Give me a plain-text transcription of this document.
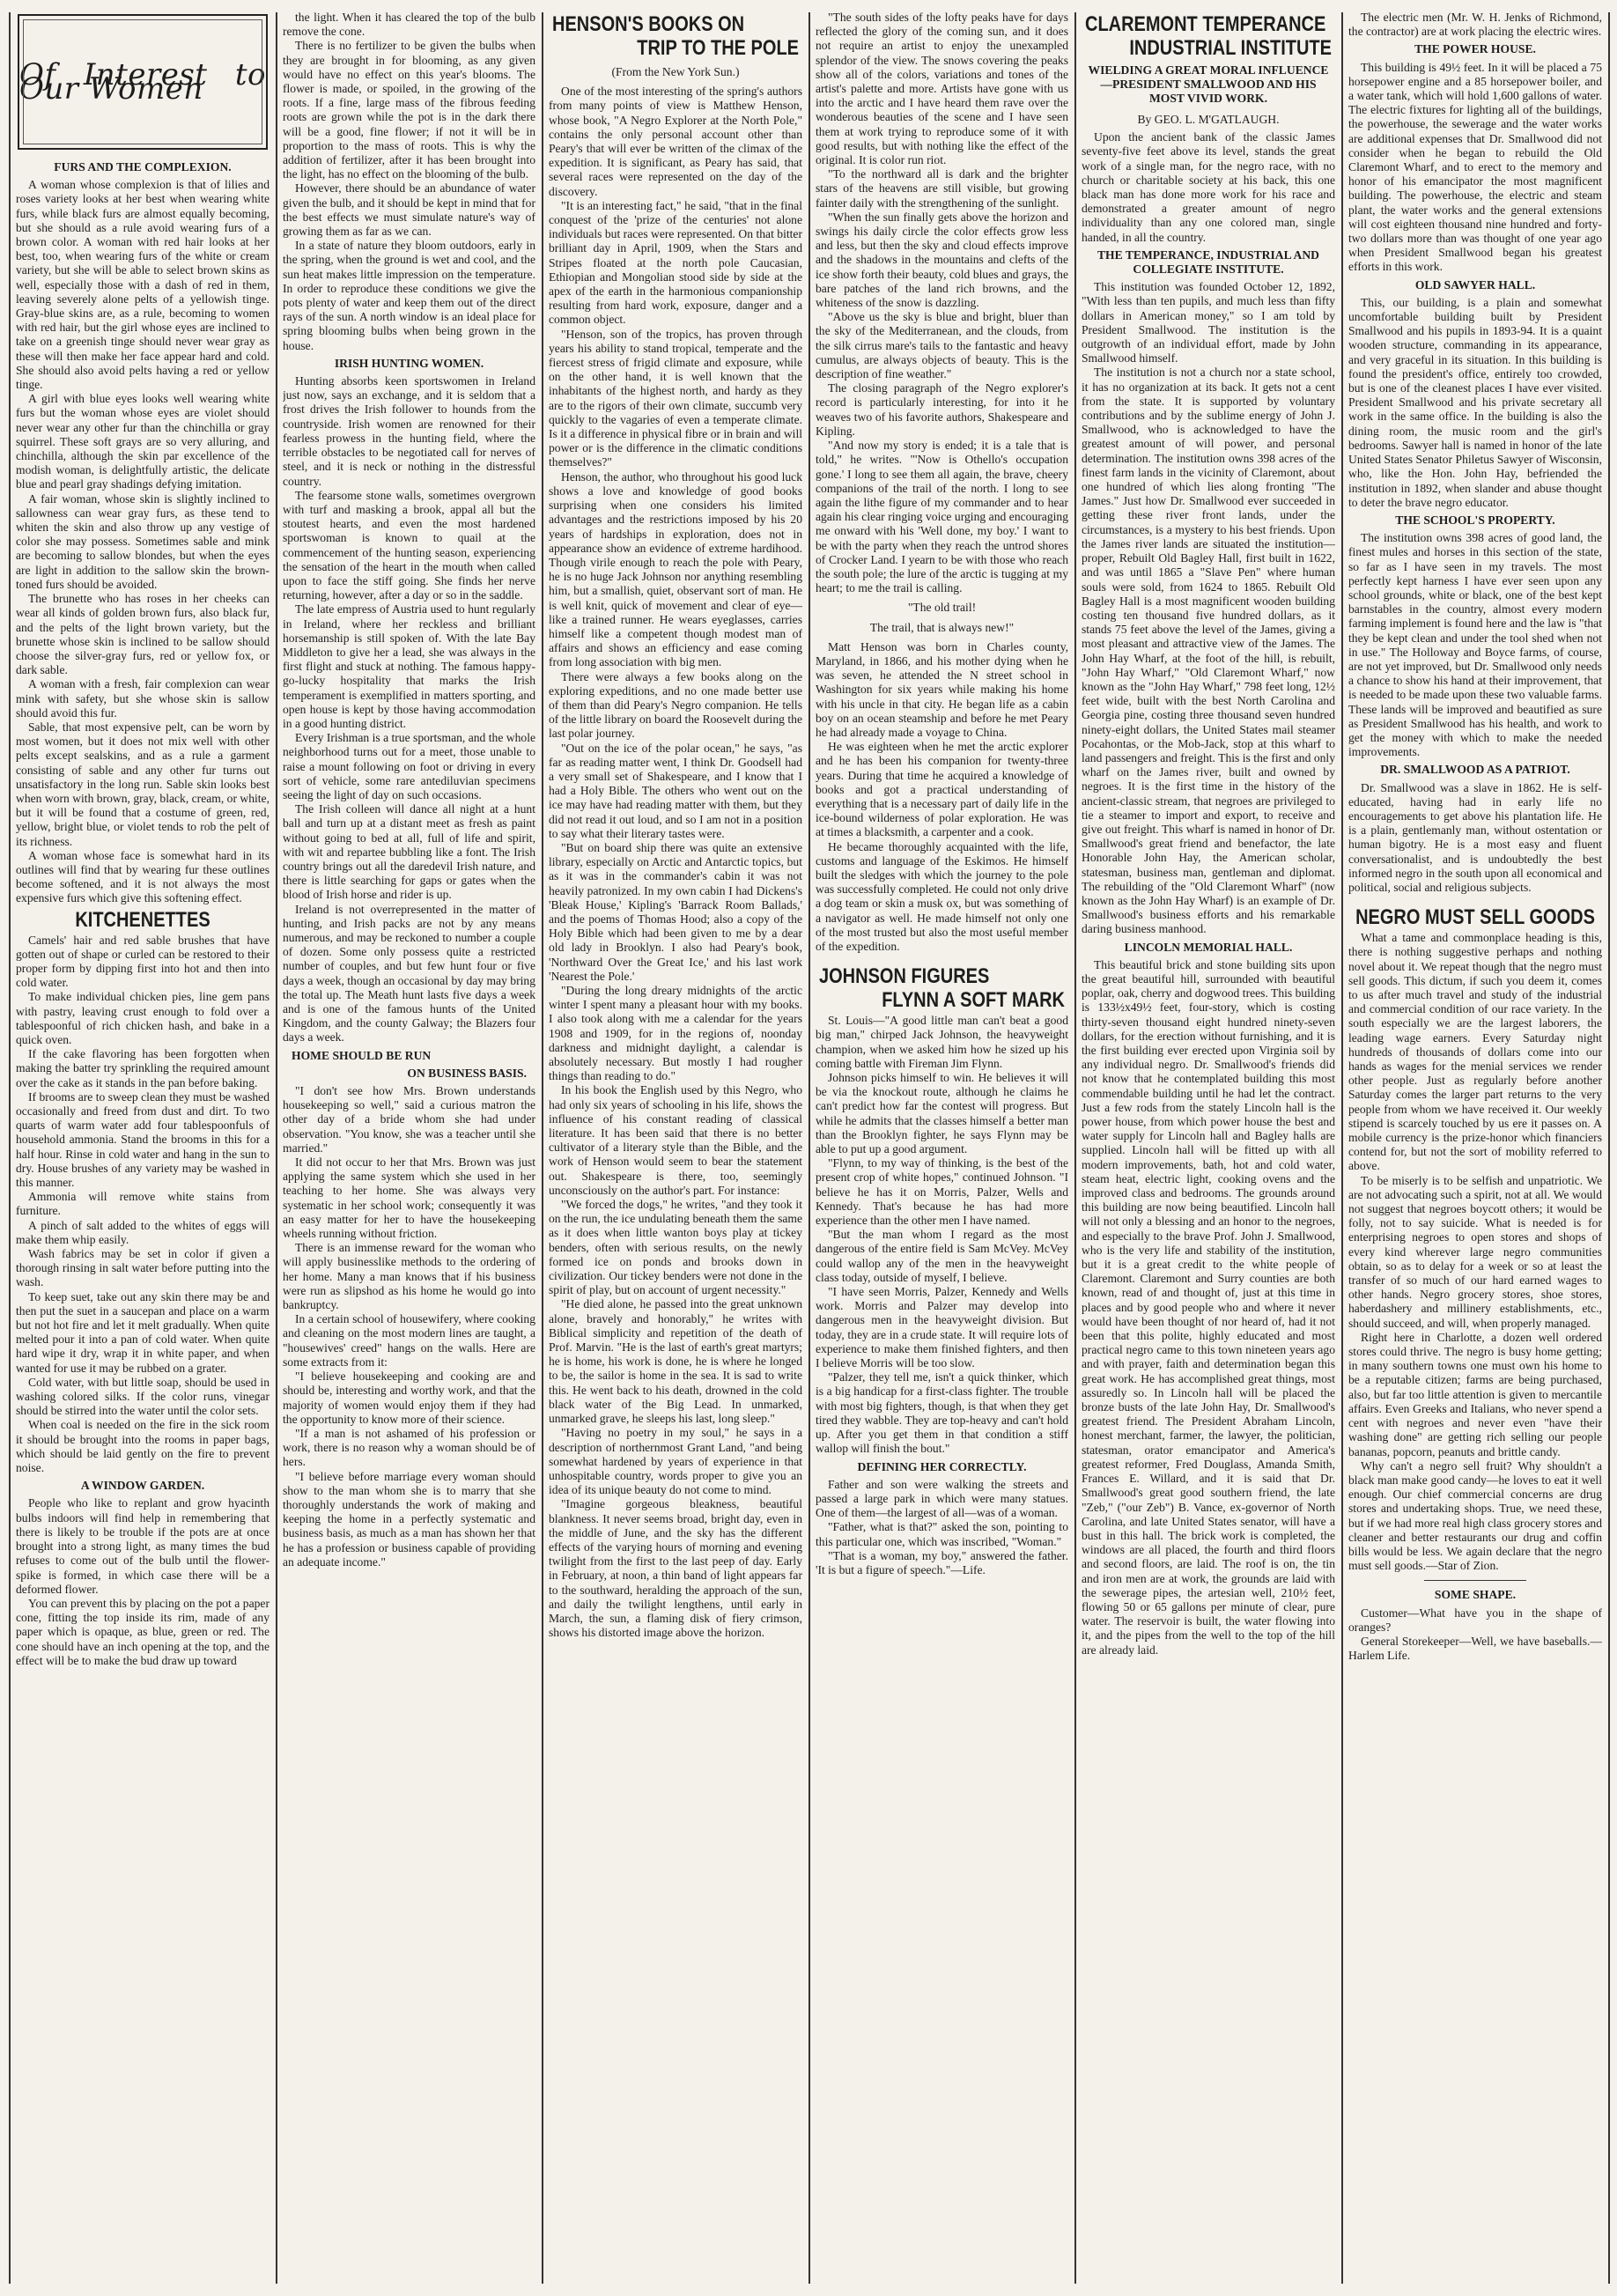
Of Interest to Our Women
FURS AND THE COMPLEXION.

A woman whose complexion is that of lilies and roses variety looks at her best when wearing white furs, while black furs are almost equally becoming, but she should as a rule avoid wearing furs of a brown color. A woman with red hair looks at her best, too, when wearing furs of the white or cream variety, but she will be able to select brown skins as well, especially those with a dash of red in them, leaving severely alone pelts of a yellowish tinge. Gray-blue skins are, as a rule, becoming to women with red hair, but the girl whose eyes are inclined to take on a greenish tinge should never wear gray as these will then make her face appear hard and cold. She should also avoid pelts having a red or yellow tinge.

A girl with blue eyes looks well wearing white furs but the woman whose eyes are violet should never wear any other fur than the chinchilla or gray squirrel. These soft grays are so very alluring, and chinchilla, although the skin par excellence of the modish woman, is delightfully artistic, the delicate blue and pearl gray shadings defying imitation.

A fair woman, whose skin is slightly inclined to sallowness can wear gray furs, as these tend to whiten the skin and also throw up any vestige of color she may possess. Sometimes sable and mink are becoming to sallow blondes, but when the eyes are light in addition to the sallow skin the brown-toned furs should be avoided.

The brunette who has roses in her cheeks can wear all kinds of golden brown furs, also black fur, and the pelts of the light brown variety, but the brunette whose skin is inclined to be sallow should choose the silver-gray furs, red or yellow fox, or dark sable.

A woman with a fresh, fair complexion can wear mink with safety, but she whose skin is sallow should avoid this fur.

Sable, that most expensive pelt, can be worn by most women, but it does not mix well with other pelts except sealskins, and as a rule a garment consisting of sable and any other fur turns out unsatisfactory in the long run. Sable skin looks best when worn with brown, gray, black, cream, or white, but it will be found that a costume of green, red, yellow, bright blue, or violet tends to rob the pelt of its richness.

A woman whose face is somewhat hard in its outlines will find that by wearing fur these outlines become softened, and it is not always the most expensive furs which give this softening effect.

KITCHENETTES

Camels' hair and red sable brushes that have gotten out of shape or curled can be restored to their proper form by dipping first into hot and then into cold water.

To make individual chicken pies, line gem pans with pastry, leaving crust enough to fold over a tablespoonful of rich chicken hash, and bake in a quick oven.

If the cake flavoring has been forgotten when making the batter try sprinkling the required amount over the cake as it stands in the pan before baking.

If brooms are to sweep clean they must be washed occasionally and freed from dust and dirt. To two quarts of warm water add four tablespoonfuls of household ammonia. Stand the brooms in this for a half hour. Rinse in cold water and hang in the sun to dry. House brushes of any variety may be washed in this manner.

Ammonia will remove white stains from furniture.

A pinch of salt added to the whites of eggs will make them whip easily.

Wash fabrics may be set in color if given a thorough rinsing in salt water before putting into the wash.

To keep suet, take out any skin there may be and then put the suet in a saucepan and place on a warm but not hot fire and let it melt gradually. When quite melted pour it into a pan of cold water. When quite hard wipe it dry, wrap it in white paper, and when wanted for use it may be rubbed on a grater.

Cold water, with but little soap, should be used in washing colored silks. If the color runs, vinegar should be stirred into the water until the color sets.

When coal is needed on the fire in the sick room it should be brought into the rooms in paper bags, which should be laid gently on the fire to prevent noise.

A WINDOW GARDEN.

People who like to replant and grow hyacinth bulbs indoors will find help in remembering that there is likely to be trouble if the pots are at once brought into a strong light, as many times the bud refuses to come out of the bulb until the flower-spike is formed, in which case there will be a deformed flower.

You can prevent this by placing on the pot a paper cone, fitting the top inside its rim, made of any paper which is opaque, as blue, green or red. The cone should have an inch opening at the top, and the effect will be to make the bud draw up toward

the light. When it has cleared the top of the bulb remove the cone.

There is no fertilizer to be given the bulbs when they are brought in for blooming, as any given would have no effect on this year's blooms. The flower is made, or spoiled, in the growing of the roots. If a fine, large mass of the fibrous feeding roots are grown while the pot is in the dark there will be a good, fine flower; if not it will be in proportion to the mass of roots. This is why the addition of fertilizer, after it has been brought into the light, has no effect on the blooming of the bulb.

However, there should be an abundance of water given the bulb, and it should be kept in mind that for the best effects we must simulate nature's way of growing them as far as we can.

In a state of nature they bloom outdoors, early in the spring, when the ground is wet and cool, and the sun heat makes little impression on the temperature. In order to reproduce these conditions we give the pots plenty of water and keep them out of the direct rays of the sun. A north window is an ideal place for spring blooming bulbs when being grown in the house.

IRISH HUNTING WOMEN.

Hunting absorbs keen sportswomen in Ireland just now, says an exchange, and it is seldom that a frost drives the Irish follower to hounds from the countryside. Irish women are renowned for their fearless prowess in the hunting field, where the terrible obstacles to be negotiated call for nerves of steel, and it is neck or nothing in the distressful country.

The fearsome stone walls, sometimes overgrown with turf and masking a brook, appal all but the stoutest hearts, and even the most hardened sportswoman is known to quail at the commencement of the hunting season, experiencing the sensation of the heart in the mouth when called upon to face the stiff going. She finds her nerve returning, however, after a day or so in the saddle.

The late empress of Austria used to hunt regularly in Ireland, where her reckless and brilliant horsemanship is still spoken of. With the late Bay Middleton to give her a lead, she was always in the first flight and stuck at nothing. The famous happy-go-lucky hospitality that marks the Irish temperament is exemplified in matters sporting, and open house is kept by those having accommodation in a good hunting district.

Every Irishman is a true sportsman, and the whole neighborhood turns out for a meet, those unable to raise a mount following on foot or driving in every sort of vehicle, some rare antediluvian specimens seeing the light of day on such occasions.

The Irish colleen will dance all night at a hunt ball and turn up at a distant meet as fresh as paint without going to bed at all, full of life and spirit, with wit and repartee bubbling like a font. The Irish country brings out all the daredevil Irish nature, and there is little searching for gaps or gates when the blood of Irish horse and rider is up.

Ireland is not overrepresented in the matter of hunting, and Irish packs are not by any means numerous, and may be reckoned to number a couple of dozen. Some only possess quite a restricted number of couples, and but few hunt four or five days a week, though an occasional by day may bring the total up. The Meath hunt lasts five days a week and is one of the famous hunts of the United Kingdom, and the county Galway; the Blazers four days a week.

HOME SHOULD BE RUN
ON BUSINESS BASIS.

"I don't see how Mrs. Brown understands housekeeping so well," said a curious matron the other day of a bride whom she had under observation. "You know, she was a teacher until she married."

It did not occur to her that Mrs. Brown was just applying the same system which she used in her teaching to her home. She was always very systematic in her school work; consequently it was an easy matter for her to have the housekeeping wheels running without friction.

There is an immense reward for the woman who will apply businesslike methods to the ordering of her home. Many a man knows that if his business were run as slipshod as his home he would go into bankruptcy.

In a certain school of housewifery, where cooking and cleaning on the most modern lines are taught, a "housewives' creed" hangs on the walls. Here are some extracts from it:

"I believe housekeeping and cooking are and should be, interesting and worthy work, and that the majority of women would enjoy them if they had the opportunity to know more of their science.

"If a man is not ashamed of his profession or work, there is no reason why a woman should be of hers.

"I believe before marriage every woman should show to the man whom she is to marry that she thoroughly understands the work of making and keeping the home in a perfectly systematic and business basis, as much as a man has shown her that he has a profession or business capable of providing an adequate income."

HENSON'S BOOKS ON
TRIP TO THE POLE
(From the New York Sun.)

One of the most interesting of the spring's authors from many points of view is Matthew Henson, whose book, "A Negro Explorer at the North Pole," contains the only personal account other than Peary's that will ever be written of the climax of the expedition. It is significant, as Peary has said, that several races were represented on the day of the discovery.

"It is an interesting fact," he said, "that in the final conquest of the 'prize of the centuries' not alone individuals but races were represented. On that bitter brilliant day in April, 1909, when the Stars and Stripes floated at the north pole Caucasian, Ethiopian and Mongolian stood side by side at the apex of the earth in the harmonious companionship resulting from hard work, exposure, danger and a common object.

"Henson, son of the tropics, has proven through years his ability to stand tropical, temperate and the fiercest stress of frigid climate and exposure, while on the other hand, it is well known that the inhabitants of the highest north, and hardy as they are to the rigors of their own climate, succumb very quickly to the vagaries of even a temperate climate. Is it a difference in physical fibre or in brain and will power or is the difference in the climatic conditions themselves?"

Henson, the author, who throughout his good luck shows a love and knowledge of good books surprising when one considers his limited advantages and the restrictions imposed by his 20 years of hardships in exploration, does not in appearance show an evidence of extreme hardihood. Though virile enough to reach the pole with Peary, he is no huge Jack Johnson nor anything resembling him, but a smallish, quiet, observant sort of man. He is well knit, quick of movement and clear of eye—like a trained runner. He wears eyeglasses, carries himself like a competent though modest man of affairs and shows an efficiency and ease coming from long association with big men.

There were always a few books along on the exploring expeditions, and no one made better use of them than did Peary's Negro companion. He tells of the little library on board the Roosevelt during the last polar journey.

"Out on the ice of the polar ocean," he says, "as far as reading matter went, I think Dr. Goodsell had a very small set of Shakespeare, and I know that I had a Holy Bible. The others who went out on the ice may have had reading matter with them, but they did not read it out loud, and so I am not in a position to say what their literary tastes were.

"But on board ship there was quite an extensive library, especially on Arctic and Antarctic topics, but as it was in the commander's cabin it was not heavily patronized. In my own cabin I had Dickens's 'Bleak House,' Kipling's 'Barrack Room Ballads,' and the poems of Thomas Hood; also a copy of the Holy Bible which had been given to me by a dear old lady in Brooklyn. I also had Peary's book, 'Northward Over the Great Ice,' and his last work 'Nearest the Pole.'

"During the long dreary midnights of the arctic winter I spent many a pleasant hour with my books. I also took along with me a calendar for the years 1908 and 1909, for in the regions of, noonday darkness and midnight daylight, a calendar is absolutely necessary. But mostly I had rougher things than reading to do."

In his book the English used by this Negro, who had only six years of schooling in his life, shows the influence of his constant reading of classical literature. It has been said that there is no better cultivator of a literary style than the Bible, and the work of Henson would seem to bear the statement out. Shakespeare is there, too, seemingly unconsciously on the author's part. For instance:

"We forced the dogs," he writes, "and they took it on the run, the ice undulating beneath them the same as it does when little wanton boys play at tickey benders, often with serious results, on the newly formed ice on ponds and brooks down in civilization. Our tickey benders were not done in the spirit of play, but on account of urgent necessity."

"He died alone, he passed into the great unknown alone, bravely and honorably," he writes with Biblical simplicity and repetition of the death of Prof. Marvin. "He is the last of earth's great martyrs; he is home, his work is done, he is where he longed to be, the sailor is home in the sea. It is sad to write this. He went back to his death, drowned in the cold black water of the Big Lead. In unmarked, unmarked grave, he sleeps his last, long sleep."

"Having no poetry in my soul," he says in a description of northernmost Grant Land, "and being somewhat hardened by years of experience in that unhospitable country, words proper to give you an idea of its unique beauty do not come to mind.

"Imagine gorgeous bleakness, beautiful blankness. It never seems broad, bright day, even in the middle of June, and the sky has the different effects of the varying hours of morning and evening twilight from the first to the last peep of day. Early in February, at noon, a thin band of light appears far to the southward, heralding the approach of the sun, and daily the twilight lengthens, until early in March, the sun, a flaming disk of fiery crimson, shows his distorted image above the horizon.

"The south sides of the lofty peaks have for days reflected the glory of the coming sun, and it does not require an artist to enjoy the unexampled splendor of the view. The snows covering the peaks show all of the colors, variations and tones of the artist's palette and more. Artists have gone with us into the arctic and I have heard them rave over the wonderous beauties of the scene and I have seen them at work trying to reproduce some of it with good results, but with nothing like the effect of the original. It is color run riot.

"To the northward all is dark and the brighter stars of the heavens are still visible, but growing fainter daily with the strengthening of the sunlight.

"When the sun finally gets above the horizon and swings his daily circle the color effects grow less and less, but then the sky and cloud effects improve and the shadows in the mountains and clefts of the ice show forth their beauty, cold blues and grays, the bare patches of the land rich browns, and the whiteness of the snow is dazzling.

"Above us the sky is blue and bright, bluer than the sky of the Mediterranean, and the clouds, from the silk cirrus mare's tails to the fantastic and heavy cumulus, are always objects of beauty. This is the description of fine weather."

The closing paragraph of the Negro explorer's record is particularly interesting, for into it he weaves two of his favorite authors, Shakespeare and Kipling.

"And now my story is ended; it is a tale that is told," he writes. "'Now is Othello's occupation gone.' I long to see them all again, the brave, cheery companions of the trail of the north. I long to see again the lithe figure of my commander and to hear again his clear ringing voice urging and encouraging me onward with his 'Well done, my boy.' I want to be with the party when they reach the untrod shores of Crocker Land. I yearn to be with those who reach the south pole; the lure of the arctic is tugging at my heart; to me the trail is calling.

"The old trail!
The trail, that is always new!"

Matt Henson was born in Charles county, Maryland, in 1866, and his mother dying when he was seven, he attended the N street school in Washington for six years while making his home with his uncle in that city. He began life as a cabin boy on an ocean steamship and before he met Peary he had already made a voyage to China.

He was eighteen when he met the arctic explorer and he has been his companion for twenty-three years. During that time he acquired a knowledge of books and got a practical understanding of everything that is a necessary part of daily life in the ice-bound wilderness of polar exploration. He was at times a blacksmith, a carpenter and a cook.

He became thoroughly acquainted with the life, customs and language of the Eskimos. He himself built the sledges with which the journey to the pole was successfully completed. He could not only drive a dog team or skin a musk ox, but was something of a navigator as well. He made himself not only one of the most trusted but also the most useful member of the expedition.

JOHNSON FIGURES
FLYNN A SOFT MARK

St. Louis—"A good little man can't beat a good big man," chirped Jack Johnson, the heavyweight champion, when we asked him how he sized up his coming battle with Fireman Jim Flynn.

Johnson picks himself to win. He believes it will be via the knockout route, although he claims he can't predict how far the contest will progress. But while he admits that the classes himself a better man than the Brooklyn fighter, he says Flynn may be able to put up a good argument.

"Flynn, to my way of thinking, is the best of the present crop of white hopes," continued Johnson. "I believe he has it on Morris, Palzer, Wells and Kennedy. That's because he has had more experience than the other men I have named.

"But the man whom I regard as the most dangerous of the entire field is Sam McVey. McVey could wallop any of the men in the heavyweight class today, outside of myself, I believe.

"I have seen Morris, Palzer, Kennedy and Wells work. Morris and Palzer may develop into dangerous men in the heavyweight division. But today, they are in a crude state. It will require lots of experience to make them finished fighters, and then I believe Morris will be too slow.

"Palzer, they tell me, isn't a quick thinker, which is a big handicap for a first-class fighter. The trouble with most big fighters, though, is that when they get tired they wabble. They are top-heavy and can't hold up. After you get them in that condition a stiff wallop will finish the bout."

DEFINING HER CORRECTLY.

Father and son were walking the streets and passed a large park in which were many statues. One of them—the largest of all—was of a woman.

"Father, what is that?" asked the son, pointing to this particular one, which was inscribed, "Woman."

"That is a woman, my boy," answered the father. 'It is but a figure of speech."—Life.

CLAREMONT TEMPERANCE
INDUSTRIAL INSTITUTE
WIELDING A GREAT MORAL INFLUENCE—PRESIDENT SMALLWOOD AND HIS MOST VIVID WORK.
By GEO. L. M'GATLAUGH.

Upon the ancient bank of the classic James seventy-five feet above its level, stands the great work of a single man, for the negro race, with no church or charitable society at his back, this one black man has done more work for his race and demonstrated a greater amount of negro individuality than any one colored man, single handed, in all the country.

THE TEMPERANCE, INDUSTRIAL AND COLLEGIATE INSTITUTE.

This institution was founded October 12, 1892, "With less than ten pupils, and much less than fifty dollars in American money," so I am told by President Smallwood. The institution is the outgrowth of an individual effort, made by John Smallwood himself.

The institution is not a church nor a state school, it has no organization at its back. It gets not a cent from the state. It is supported by voluntary contributions and by the sublime energy of John J. Smallwood, who is acknowledged to have the greatest amount of will power, and personal determination. The institution owns 398 acres of the finest farm lands in the vicinity of Claremont, about one hundred of which lies along fronting "The James." Just how Dr. Smallwood ever succeeded in getting these river front lands, under the circumstances, is a mystery to his best friends. Upon the James river lands are situated the institution—proper, Rebuilt Old Bagley Hall, first built in 1622, and was until 1865 a "Slave Pen" where human souls were sold, from 1624 to 1865. Rebuilt Old Bagley Hall is a most magnificent wooden building costing ten thousand five hundred dollars, as it stands 75 feet above the level of the James, giving a most pleasant and attractive view of the James. The John Hay Wharf, at the foot of the hill, is rebuilt, "John Hay Wharf," "Old Claremont Wharf," now known as the "John Hay Wharf," 798 feet long, 12½ feet wide, built with the best North Carolina and Georgia pine, costing three thousand seven hundred ninety-eight dollars, the United States mail steamer Pocahontas, or the Mob-Jack, stop at this wharf to land passengers and freight. This is the first and only wharf on the James river, built and owned by negroes. It is the first time in the history of the ancient-classic stream, that negroes are privileged to tie a steamer to import and export, to receive and give out freight. This wharf is named in honor of Dr. Smallwood's great friend and benefactor, the late Honorable John Hay, the American scholar, statesman, business man, gentleman and diplomat. The rebuilding of the "Old Claremont Wharf" (now known as the John Hay Wharf) is an example of Dr. Smallwood's business efforts and his remarkable daring business manhood.

LINCOLN MEMORIAL HALL.

This beautiful brick and stone building sits upon the great beautiful hill, surrounded with beautiful poplar, oak, cherry and dogwood trees. This building is 133½x49½ feet, four-story, which is costing thirty-seven thousand eight hundred ninety-seven dollars, for the erection without furnishing, and it is the first building ever erected upon Virginia soil by any individual negro. Dr. Smallwood's friends did not know that he contemplated building this most commendable building until he had let the contract. Just a few rods from the stately Lincoln hall is the power house, from which power house the best and water supply for Lincoln hall and Bagley halls are supplied. Lincoln hall will be fitted up with all modern improvements, bath, hot and cold water, steam heat, electric light, cooking ovens and the improved class and bedrooms. The grounds around this building are now being beautified. Lincoln hall will not only a blessing and an honor to the negroes, and especially to the brave Prof. John J. Smallwood, who is the very life and stability of the institution, but it is a great credit to the white people of Claremont. Claremont and Surry counties are both known, read of and thought of, just at this time in places and by good people who and where it never would have been thought of nor heard of, had it not been that this polite, highly educated and most practical negro came to this town nineteen years ago and with prayer, faith and determination began this great work. He has accomplished great things, most assuredly so. In Lincoln hall will be placed the bronze busts of the late John Hay, Dr. Smallwood's greatest friend. The President Abraham Lincoln, honest merchant, farmer, the lawyer, the politician, statesman, orator emancipator and America's greatest reformer, Fred Douglass, Amanda Smith, Frances E. Willard, and it is said that Dr. Smallwood's great good southern friend, the late "Zeb," ("our Zeb") B. Vance, ex-governor of North Carolina, and late United States senator, will have a bust in this hall. The brick work is completed, the windows are all placed, the fourth and third floors and second floors, are laid. The roof is on, the tin and iron men are at work, the grounds are laid with the sewerage pipes, the artesian well, 210½ feet, flowing 50 or 65 gallons per minute of clear, pure water. The reservoir is built, the water flowing into it, and the pipes from the well to the top of the hill are already laid.

The electric men (Mr. W. H. Jenks of Richmond, the contractor) are at work placing the electric wires.

THE POWER HOUSE.

This building is 49½ feet. In it will be placed a 75 horsepower engine and a 85 horsepower boiler, and a water tank, which will hold 1,600 gallons of water. The electric fixtures for lighting all of the buildings, the powerhouse, the sewerage and the water works are additional expenses that Dr. Smallwood did not consider when he began to rebuild the Old Claremont Wharf, and to erect to the memory and honor of his emancipator the most magnificent building. The powerhouse, the electric and steam plant, the water works and the general extensions will cost eighteen thousand nine hundred and forty-two dollars more than was thought of one year ago when President Smallwood began his greatest efforts in this work.

OLD SAWYER HALL.

This, our building, is a plain and somewhat uncomfortable building built by President Smallwood and his pupils in 1893-94. It is a quaint wooden structure, commanding in its appearance, and very graceful in its situation. In this building is found the president's office, entirely too crowded, but is one of the cleanest places I have ever visited. President Smallwood and his private secretary all work in the same office. In the building is also the dining room, the music room and the girl's bedrooms. Sawyer hall is named in honor of the late United States Senator Philetus Sawyer of Wisconsin, who, like the Hon. John Hay, befriended the institution in 1892, when slander and abuse thought to deter the brave negro educator.

THE SCHOOL'S PROPERTY.

The institution owns 398 acres of good land, the finest mules and horses in this section of the state, so far as I have seen in my travels. The most perfectly kept harness I have ever seen upon any school grounds, white or black, one of the best kept barnstables in the country, almost every modern farming implement is found here and the law is "that they be kept clean and under the tool shed when not in use." The Holloway and Boyce farms, of course, are not yet improved, but Dr. Smallwood only needs a chance to show his hand at their improvement, that is needed to be made upon these two valuable farms. These lands will be improved and beautified as sure as President Smallwood has his health, and work to get the money with which to make the needed improvements.

DR. SMALLWOOD AS A PATRIOT.

Dr. Smallwood was a slave in 1862. He is self-educated, having had in early life no encouragements to get above his plantation life. He is a plain, gentlemanly man, without ostentation or human bigotry. He is a most easy and fluent conversationalist, and is undoubtedly the best informed negro in the south upon all economical and political, social and religious subjects.

NEGRO MUST SELL GOODS

What a tame and commonplace heading is this, there is nothing suggestive perhaps and nothing novel about it. We repeat though that the negro must sell goods. This dictum, if such you deem it, comes to us after much travel and study of the industrial and commercial condition of our race variety. In the south especially we are the largest laborers, the leading wage earners. Every Saturday night hundreds of thousands of dollars come into our hands as wages for the menial services we render other people. Just as regularly before another Saturday comes the larger part returns to the very people from whom we have received it. Our weekly stipend is scarcely touched by us ere it passes on. A mobile currency is the prize-honor which financiers contend for, but not the sort of mobility referred to above.

To be miserly is to be selfish and unpatriotic. We are not advocating such a spirit, not at all. We would not suggest that negroes boycott others; it would be folly, not to say suicide. What is needed is for enterprising negroes to open stores and shops of every kind wherever large negro communities obtain, so as to delay for a week or so at least the transfer of so much of our hard earned wages to other hands. Negro grocery stores, shoe stores, haberdashery and millinery establishments, etc., should succeed, and will, when properly managed.

Right here in Charlotte, a dozen well ordered stores could thrive. The negro is busy home getting; in many southern towns one must own his home to be a reputable citizen; farms are being purchased, also, but far too little attention is given to mercantile affairs. Even Greeks and Italians, who never spend a cent with negroes and never even "have their washing done" are getting rich selling our people bananas, popcorn, peanuts and brittle candy.

Why can't a negro sell fruit? Why shouldn't a black man make good candy—he loves to eat it well enough. Our chief commercial concerns are drug stores and undertaking shops. True, we need these, but if we had more real high class grocery stores and cleaner and better restaurants our drug and coffin bills would be less. We again declare that the negro must sell goods.—Star of Zion.

SOME SHAPE.

Customer—What have you in the shape of oranges?

General Storekeeper—Well, we have baseballs.—Harlem Life.
